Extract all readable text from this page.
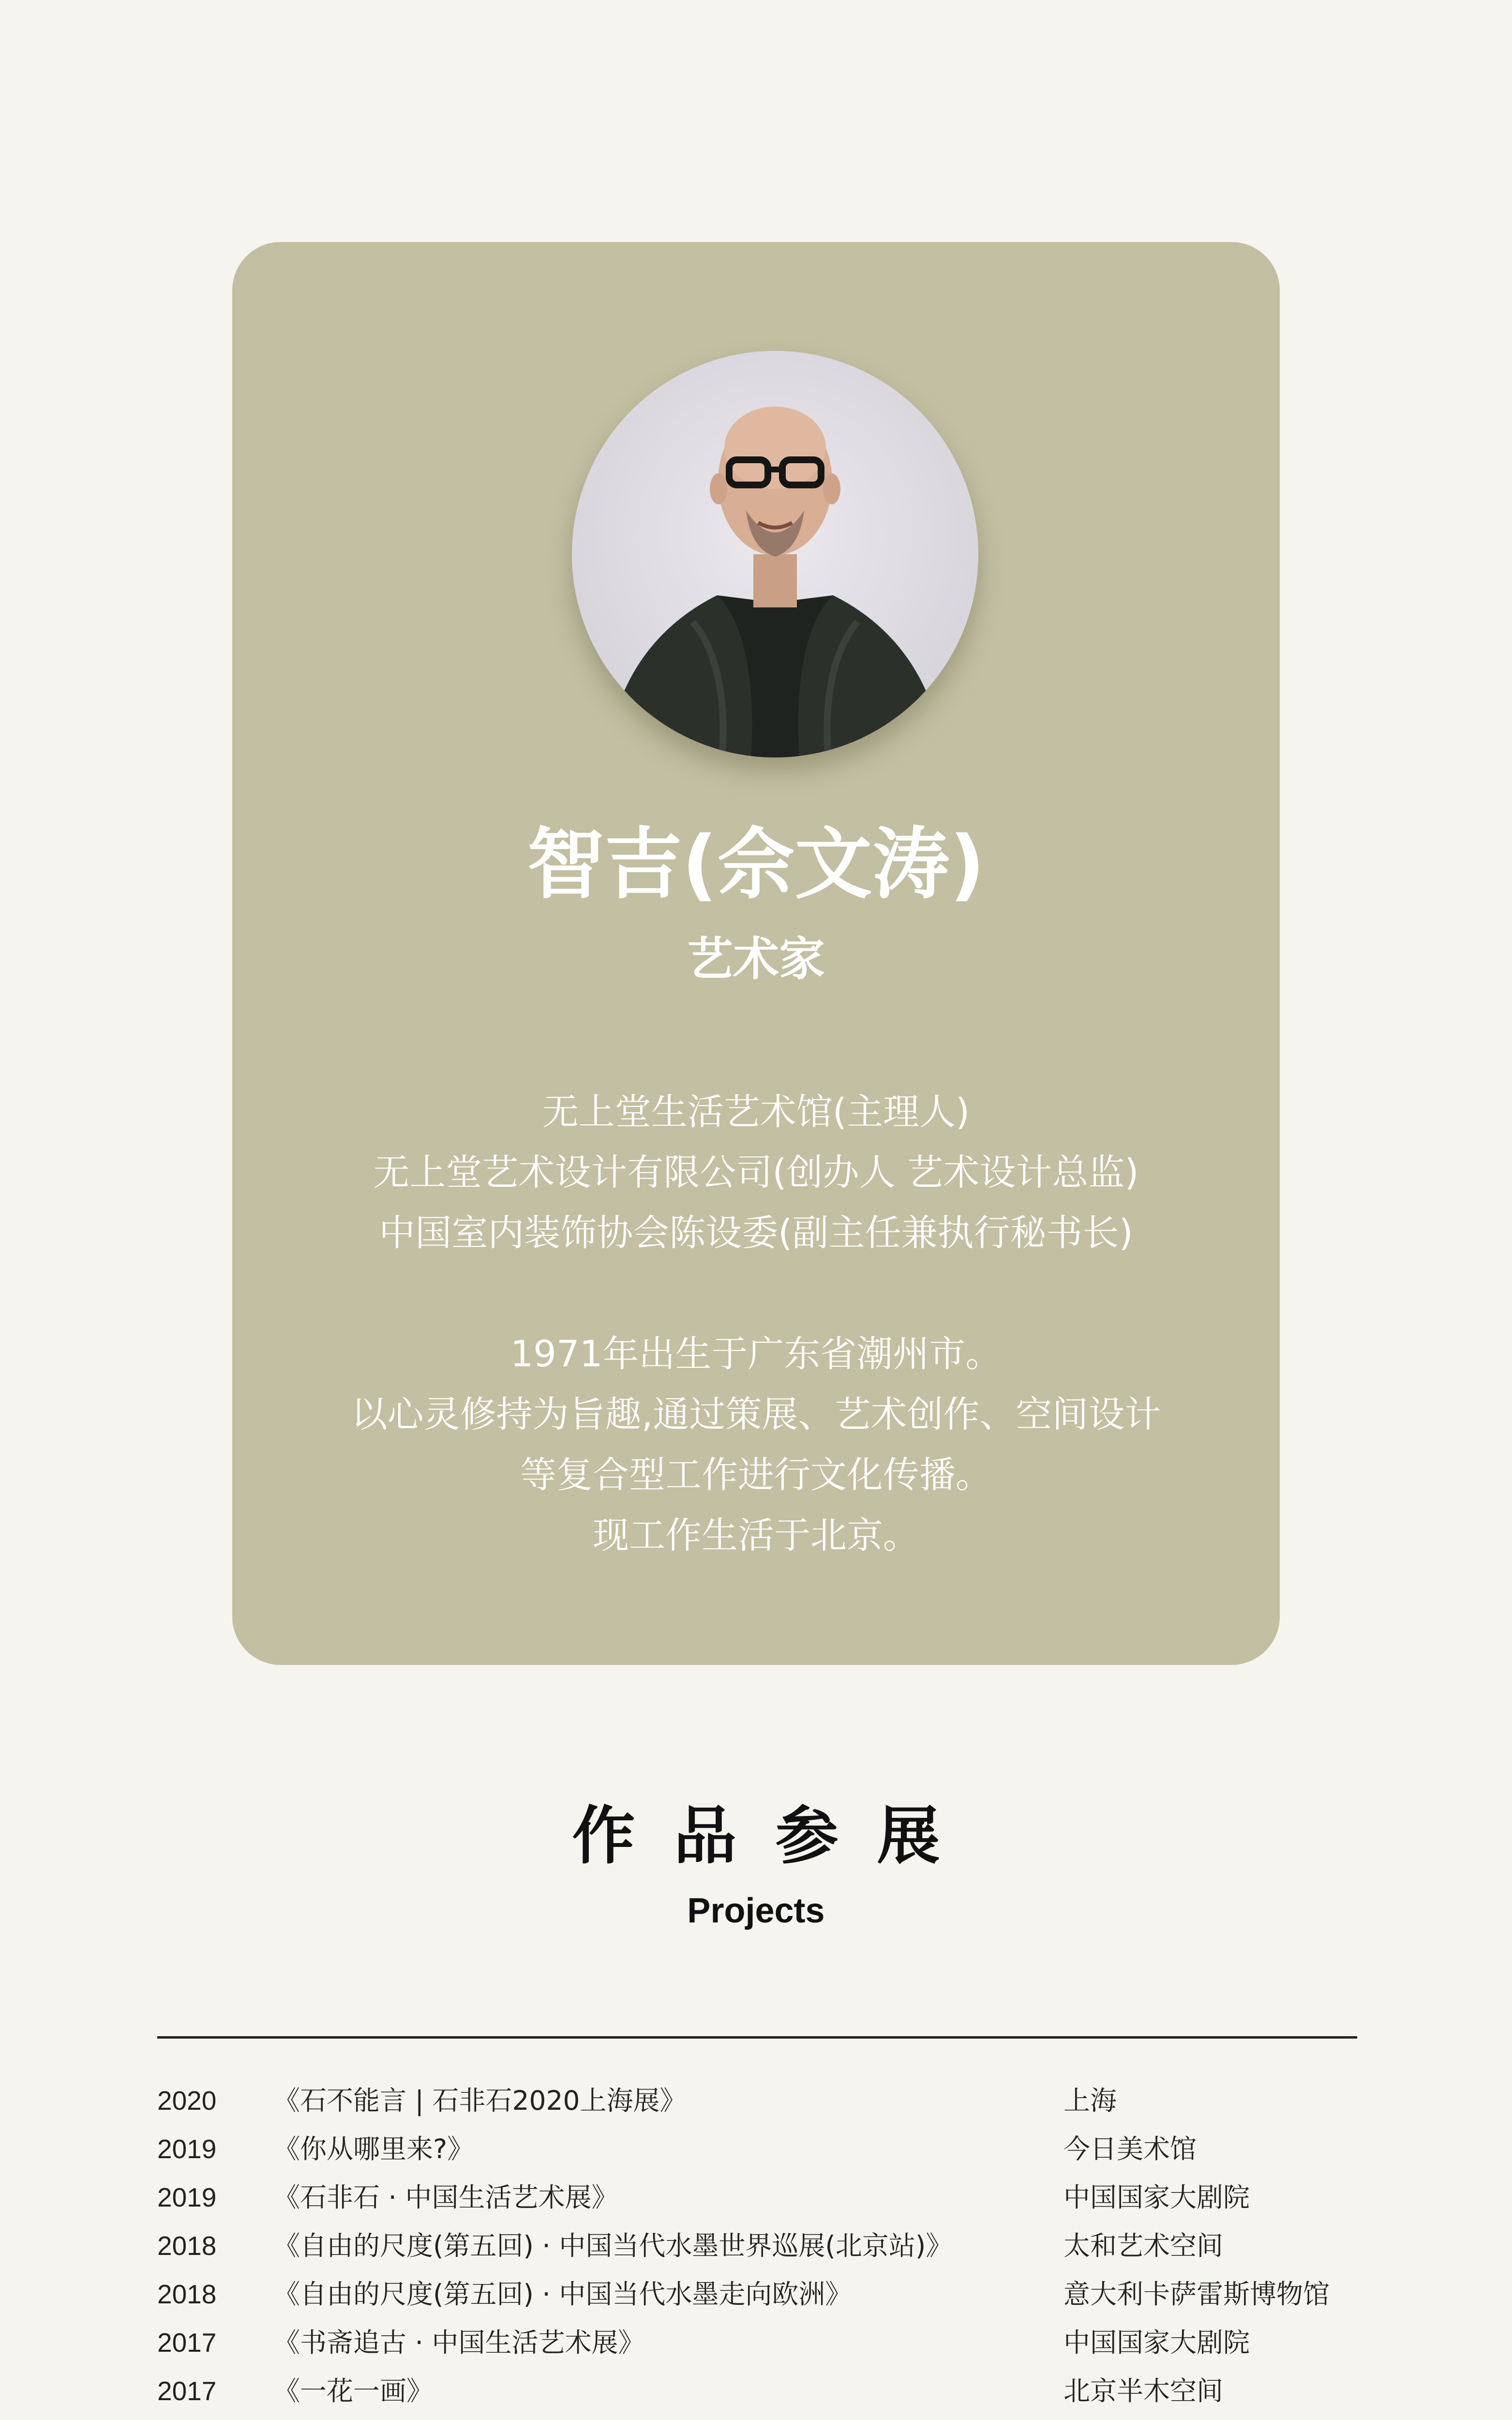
智吉(佘文涛)
艺术家
无上堂生活艺术馆(主理人)
无上堂艺术设计有限公司(创办人 艺术设计总监)
中国室内装饰协会陈设委(副主任兼执行秘书长)
1971年出生于广东省潮州市。
以心灵修持为旨趣,通过策展、艺术创作、空间设计
等复合型工作进行文化传播。
现工作生活于北京。
作品参展
Projects
2020 《石不能言 | 石非石2020上海展》	上海
2019 《你从哪里来?》	今日美术馆
2019 《石非石 · 中国生活艺术展》	中国国家大剧院
2018 《自由的尺度(第五回) · 中国当代水墨世界巡展(北京站)》	太和艺术空间
2018 《自由的尺度(第五回) · 中国当代水墨走向欧洲》	意大利卡萨雷斯博物馆
2017 《书斋追古 · 中国生活艺术展》	中国国家大剧院
2017 《一花一画》	北京半木空间
